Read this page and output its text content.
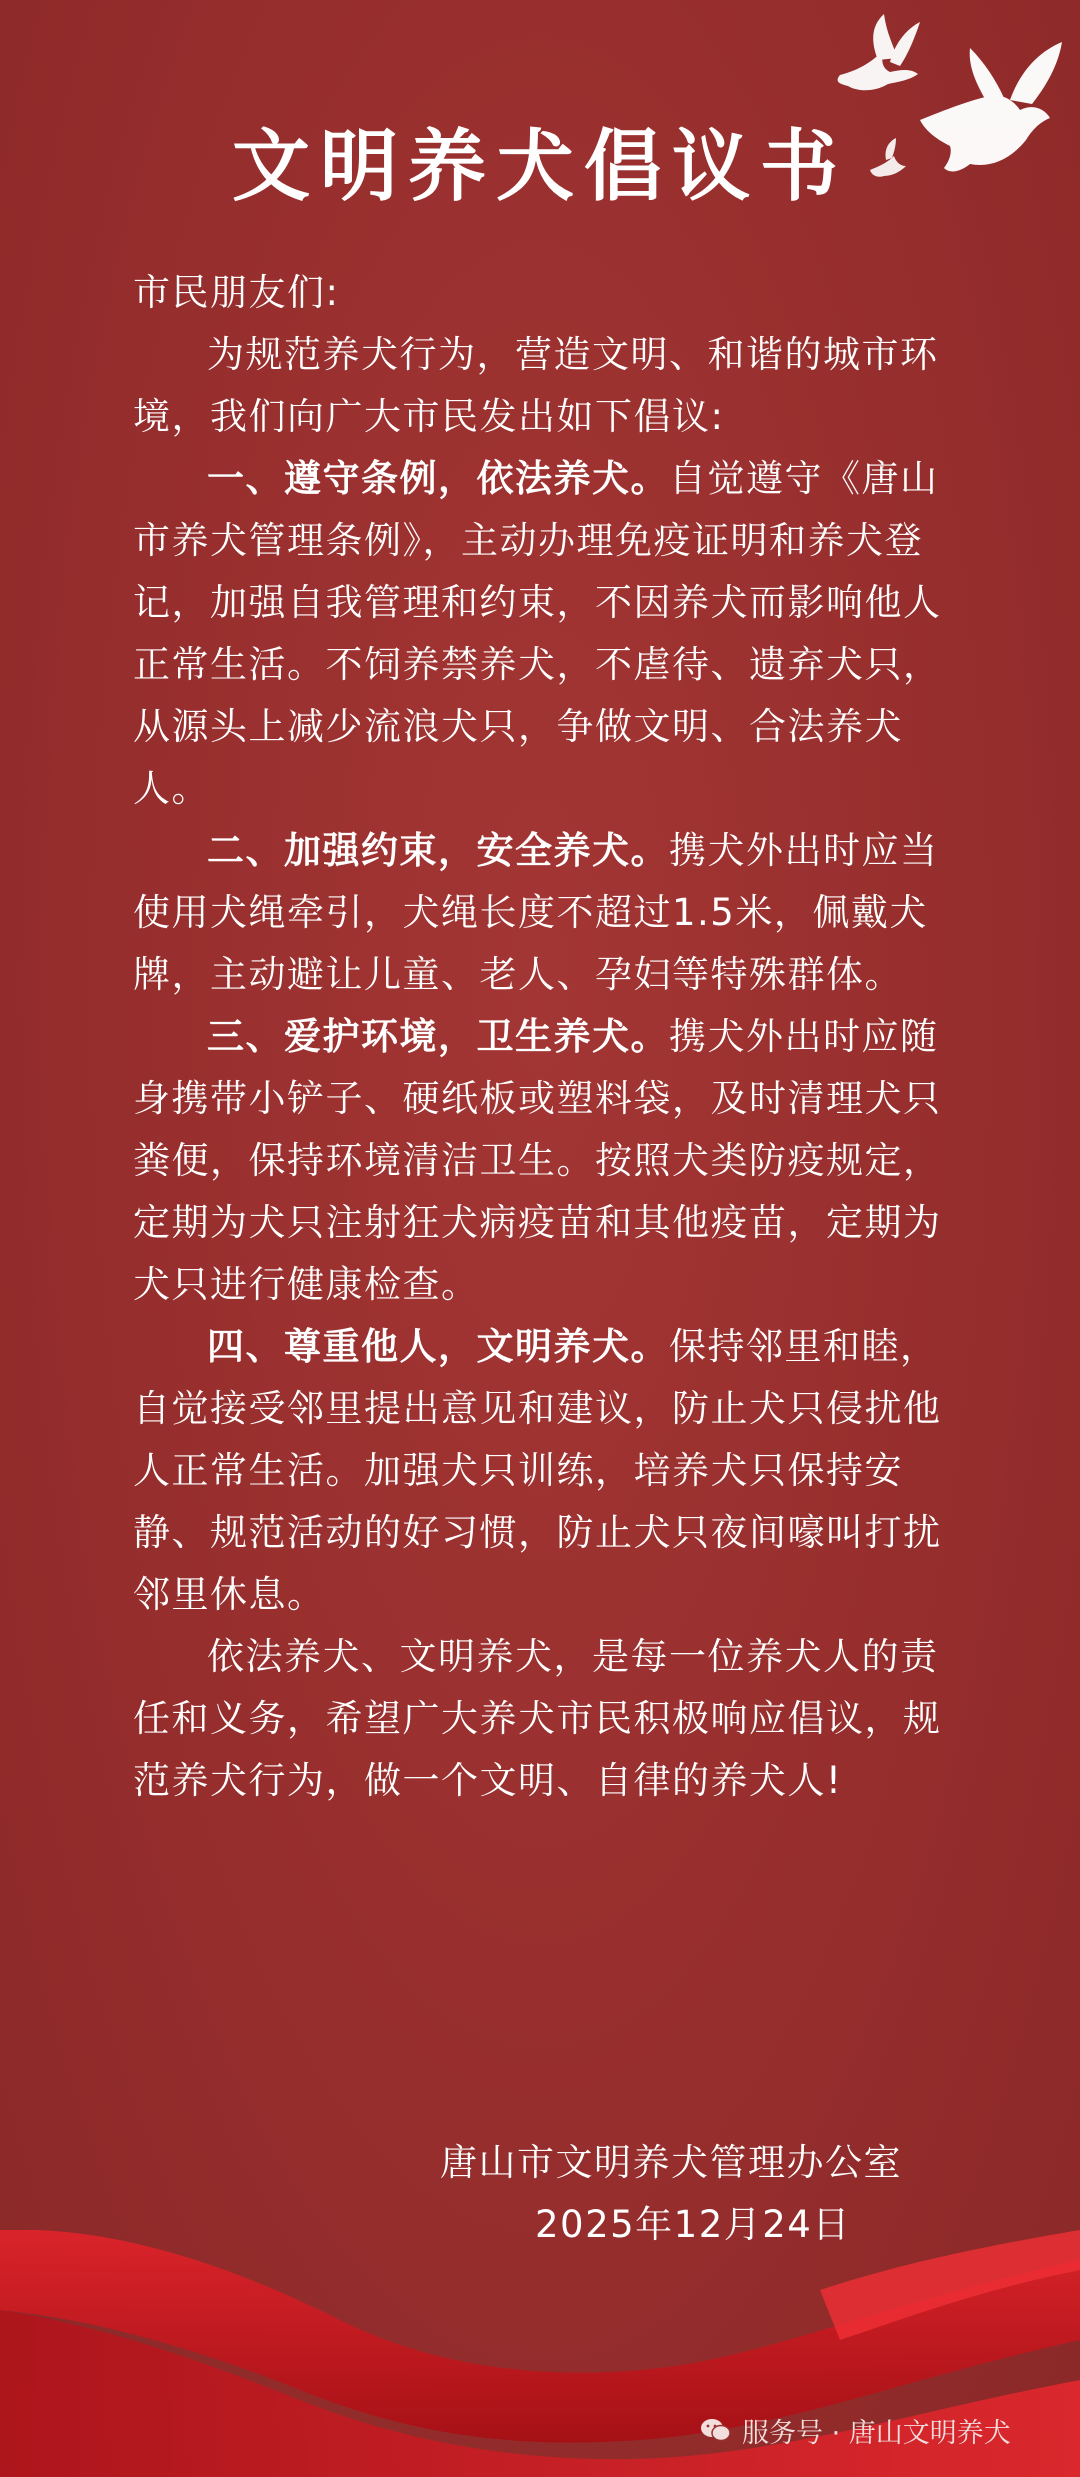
文明养犬倡议书

市民朋友们:

为规范养犬行为，营造文明、和谐的城市环境，我们向广大市民发出如下倡议:

一、遵守条例，依法养犬。自觉遵守《唐山市养犬管理条例》，主动办理免疫证明和养犬登记，加强自我管理和约束，不因养犬而影响他人正常生活。不饲养禁养犬，不虐待、遗弃犬只，从源头上减少流浪犬只，争做文明、合法养犬人。

二、加强约束，安全养犬。携犬外出时应当使用犬绳牵引，犬绳长度不超过1.5米，佩戴犬牌，主动避让儿童、老人、孕妇等特殊群体。

三、爱护环境，卫生养犬。携犬外出时应随身携带小铲子、硬纸板或塑料袋，及时清理犬只粪便，保持环境清洁卫生。按照犬类防疫规定，定期为犬只注射狂犬病疫苗和其他疫苗，定期为犬只进行健康检查。

四、尊重他人，文明养犬。保持邻里和睦，自觉接受邻里提出意见和建议，防止犬只侵扰他人正常生活。加强犬只训练，培养犬只保持安静、规范活动的好习惯，防止犬只夜间嚎叫打扰邻里休息。

依法养犬、文明养犬，是每一位养犬人的责任和义务，希望广大养犬市民积极响应倡议，规范养犬行为，做一个文明、自律的养犬人!

唐山市文明养犬管理办公室

2025年12月24日

服务号 · 唐山文明养犬
